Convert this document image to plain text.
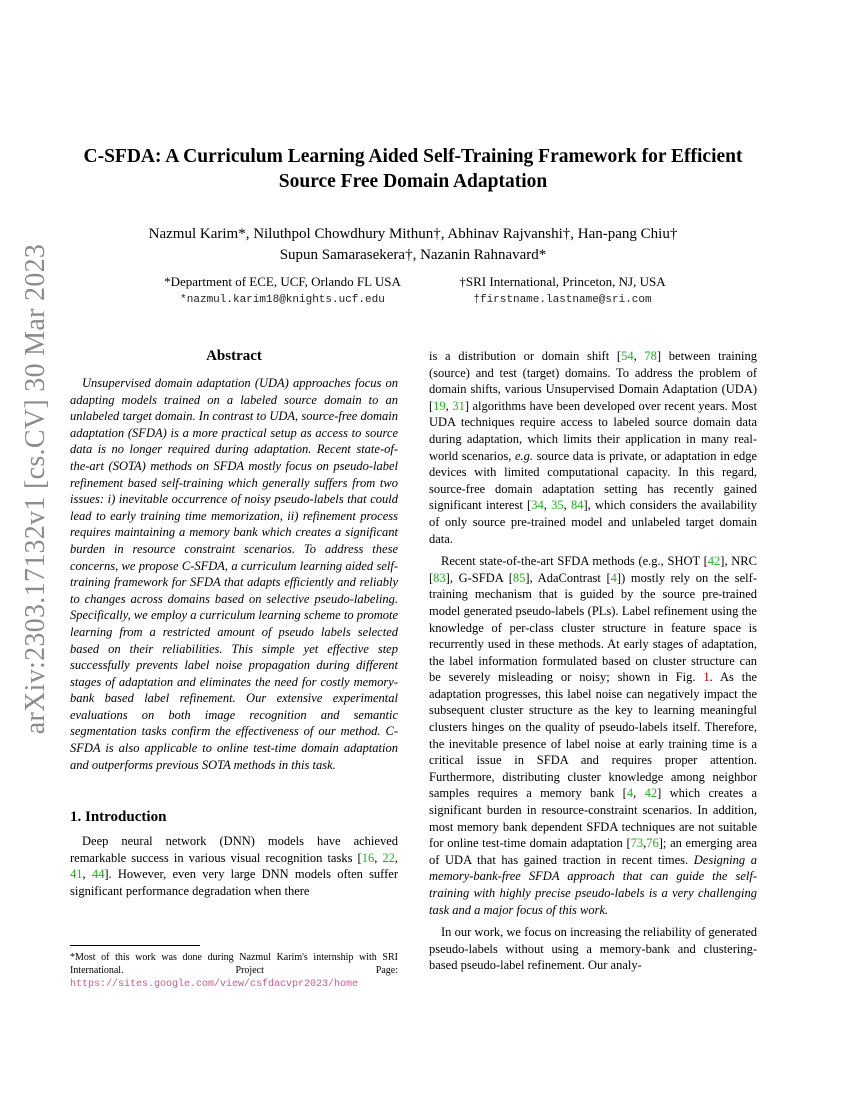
arXiv:2303.17132v1 [cs.CV] 30 Mar 2023
C-SFDA: A Curriculum Learning Aided Self-Training Framework for Efficient
Source Free Domain Adaptation
Nazmul Karim*, Niluthpol Chowdhury Mithun†, Abhinav Rajvanshi†, Han-pang Chiu†
Supun Samarasekera†, Nazanin Rahnavard*
*Department of ECE, UCF, Orlando FL USA
*nazmul.karim18@knights.ucf.edu
†SRI International, Princeton, NJ, USA
†firstname.lastname@sri.com
Abstract

Unsupervised domain adaptation (UDA) approaches focus on adapting models trained on a labeled source domain to an unlabeled target domain. In contrast to UDA, source-free domain adaptation (SFDA) is a more practical setup as access to source data is no longer required during adaptation. Recent state-of-the-art (SOTA) methods on SFDA mostly focus on pseudo-label refinement based self-training which generally suffers from two issues: i) inevitable occurrence of noisy pseudo-labels that could lead to early training time memorization, ii) refinement process requires maintaining a memory bank which creates a significant burden in resource constraint scenarios. To address these concerns, we propose C-SFDA, a curriculum learning aided self-training framework for SFDA that adapts efficiently and reliably to changes across domains based on selective pseudo-labeling. Specifically, we employ a curriculum learning scheme to promote learning from a restricted amount of pseudo labels selected based on their reliabilities. This simple yet effective step successfully prevents label noise propagation during different stages of adaptation and eliminates the need for costly memory-bank based label refinement. Our extensive experimental evaluations on both image recognition and semantic segmentation tasks confirm the effectiveness of our method. C-SFDA is also applicable to online test-time domain adaptation and outperforms previous SOTA methods in this task.

1. Introduction

Deep neural network (DNN) models have achieved remarkable success in various visual recognition tasks [16, 22, 41, 44]. However, even very large DNN models often suffer significant performance degradation when there

is a distribution or domain shift [54, 78] between training (source) and test (target) domains. To address the problem of domain shifts, various Unsupervised Domain Adaptation (UDA) [19, 31] algorithms have been developed over recent years. Most UDA techniques require access to labeled source domain data during adaptation, which limits their application in many real-world scenarios, e.g. source data is private, or adaptation in edge devices with limited computational capacity. In this regard, source-free domain adaptation setting has recently gained significant interest [34, 35, 84], which considers the availability of only source pre-trained model and unlabeled target domain data.

Recent state-of-the-art SFDA methods (e.g., SHOT [42], NRC [83], G-SFDA [85], AdaContrast [4]) mostly rely on the self-training mechanism that is guided by the source pre-trained model generated pseudo-labels (PLs). Label refinement using the knowledge of per-class cluster structure in feature space is recurrently used in these methods. At early stages of adaptation, the label information formulated based on cluster structure can be severely misleading or noisy; shown in Fig. 1. As the adaptation progresses, this label noise can negatively impact the subsequent cluster structure as the key to learning meaningful clusters hinges on the quality of pseudo-labels itself. Therefore, the inevitable presence of label noise at early training time is a critical issue in SFDA and requires proper attention. Furthermore, distributing cluster knowledge among neighbor samples requires a memory bank [4, 42] which creates a significant burden in resource-constraint scenarios. In addition, most memory bank dependent SFDA techniques are not suitable for online test-time domain adaptation [73,76]; an emerging area of UDA that has gained traction in recent times. Designing a memory-bank-free SFDA approach that can guide the self-training with highly precise pseudo-labels is a very challenging task and a major focus of this work.

In our work, we focus on increasing the reliability of generated pseudo-labels without using a memory-bank and clustering-based pseudo-label refinement. Our analy-

*Most of this work was done during Nazmul Karim's internship with SRI International. Project Page: https://sites.google.com/view/csfdacvpr2023/home
